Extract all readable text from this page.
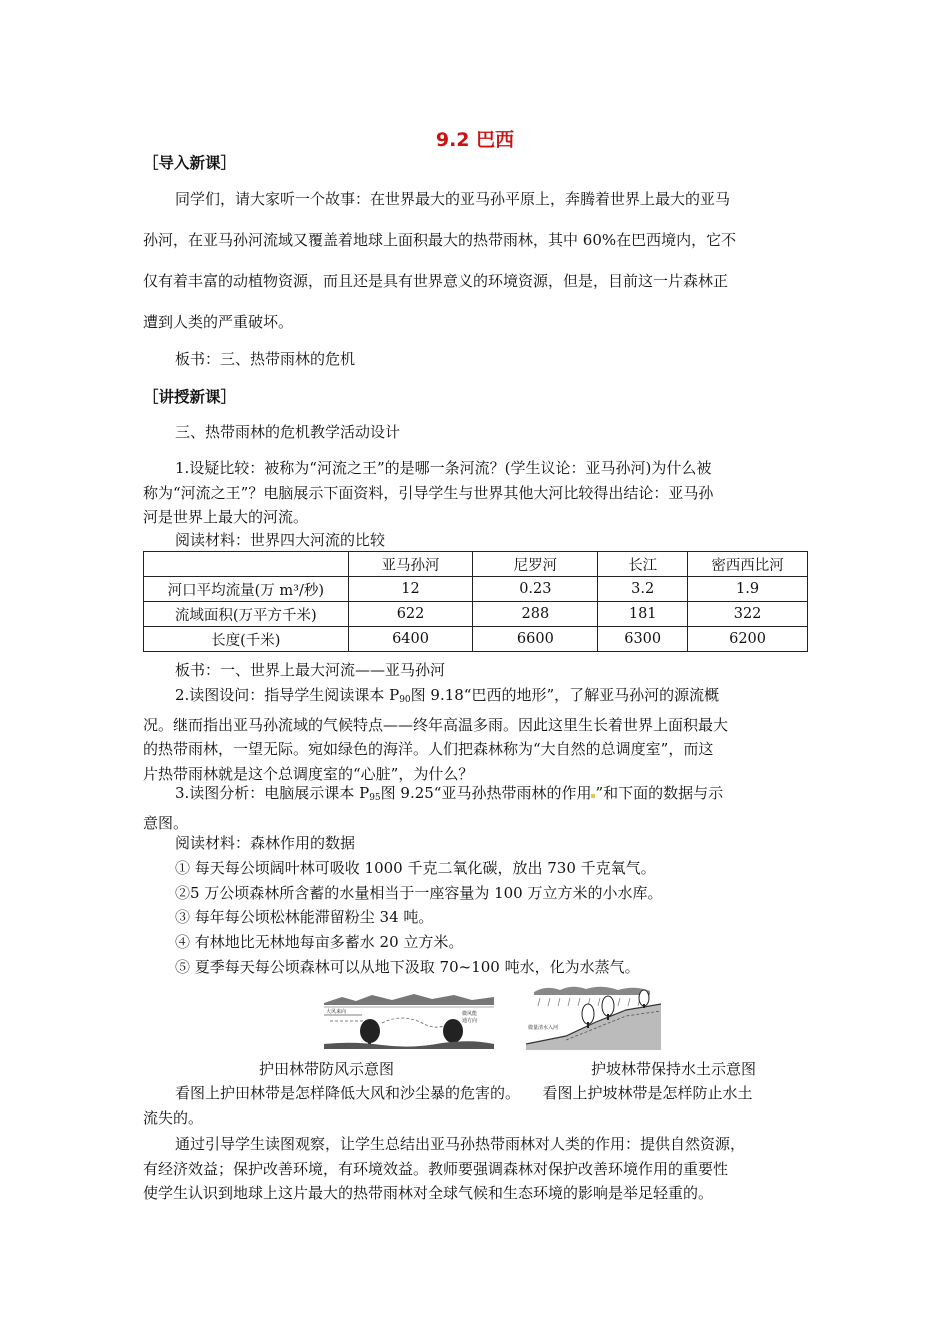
9.2 巴西
［导入新课］
同学们，请大家听一个故事：在世界最大的亚马孙平原上，奔腾着世界上最大的亚马
孙河，在亚马孙河流域又覆盖着地球上面积最大的热带雨林，其中 60%在巴西境内，它不
仅有着丰富的动植物资源，而且还是具有世界意义的环境资源，但是，目前这一片森林正
遭到人类的严重破坏。
板书：三、热带雨林的危机
［讲授新课］
三、热带雨林的危机教学活动设计
1.设疑比较：被称为“河流之王”的是哪一条河流？(学生议论：亚马孙河)为什么被
称为“河流之王”？电脑展示下面资料，引导学生与世界其他大河比较得出结论：亚马孙
河是世界上最大的河流。
阅读材料：世界四大河流的比较
	亚马孙河	尼罗河	长江	密西西比河
河口平均流量(万 m³/秒)	12	0.23	3.2	1.9
流域面积(万平方千米)	622	288	181	322
长度(千米)	6400	6600	6300	6200
板书：一、世界上最大河流——亚马孙河
2.读图设问：指导学生阅读课本 $P_{90}$图 9.18“巴西的地形”，了解亚马孙河的源流概
况。继而指出亚马孙流域的气候特点——终年高温多雨。因此这里生长着世界上面积最大
的热带雨林，一望无际。宛如绿色的海洋。人们把森林称为“大自然的总调度室”，而这
片热带雨林就是这个总调度室的“心脏”，为什么？
3.读图分析：电脑展示课本 $P_{95}$图 9.25“亚马孙热带雨林的作用 ”和下面的数据与示
意图。
阅读材料：森林作用的数据
① 每天每公顷阔叶林可吸收 1000 千克二氧化碳，放出 730 千克氧气。
②5 万公顷森林所含蓄的水量相当于一座容量为 100 万立方米的小水库。
③ 每年每公顷松林能滞留粉尘 34 吨。
④ 有林地比无林地每亩多蓄水 20 立方米。
⑤ 夏季每天每公顷森林可以从地下汲取 70~100 吨水，化为水蒸气。
大风来向	微风能
通方向
微量清水入河
护田林带防风示意图	护坡林带保持水土示意图
看图上护田林带是怎样降低大风和沙尘暴的危害的。　　看图上护坡林带是怎样防止水土
流失的。
通过引导学生读图观察，让学生总结出亚马孙热带雨林对人类的作用：提供自然资源，
有经济效益；保护改善环境，有环境效益。教师要强调森林对保护改善环境作用的重要性
使学生认识到地球上这片最大的热带雨林对全球气候和生态环境的影响是举足轻重的。
